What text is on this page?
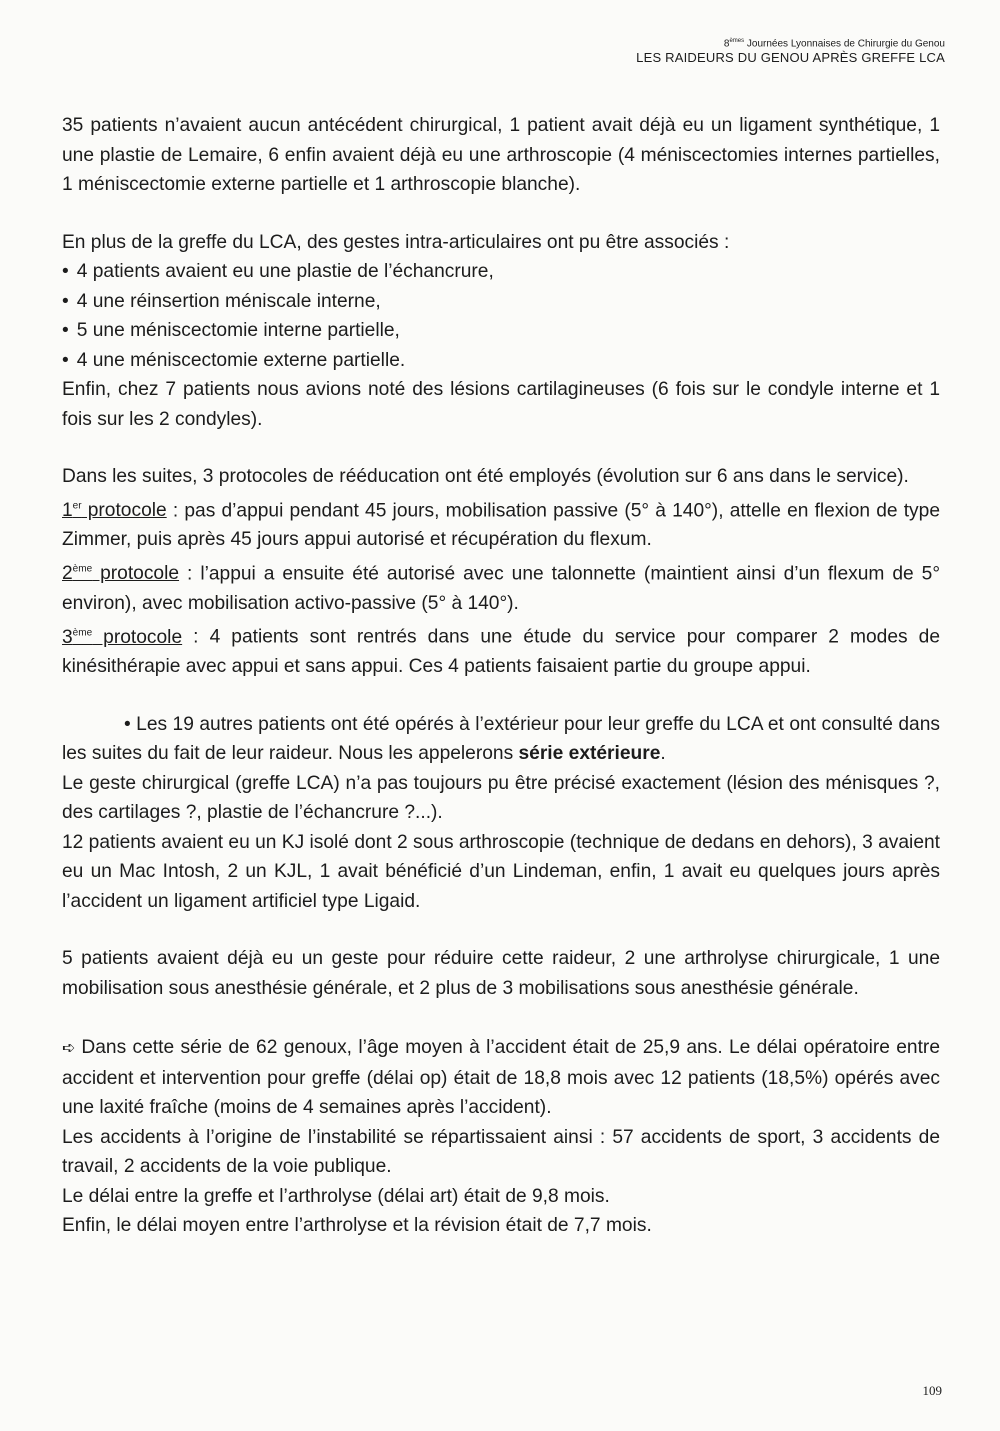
8èmes Journées Lyonnaises de Chirurgie du Genou
LES RAIDEURS DU GENOU APRÈS GREFFE LCA

35 patients n’avaient aucun antécédent chirurgical, 1 patient avait déjà eu un ligament synthétique, 1 une plastie de Lemaire, 6 enfin avaient déjà eu une arthroscopie (4 méniscectomies internes partielles, 1 méniscectomie externe partielle et 1 arthroscopie blanche).

En plus de la greffe du LCA, des gestes intra-articulaires ont pu être associés :

• 4 patients avaient eu une plastie de l’échancrure,
• 4 une réinsertion méniscale interne,
• 5 une méniscectomie interne partielle,
• 4 une méniscectomie externe partielle.

Enfin, chez 7 patients nous avions noté des lésions cartilagineuses (6 fois sur le condyle interne et 1 fois sur les 2 condyles).

Dans les suites, 3 protocoles de rééducation ont été employés (évolution sur 6 ans dans le service).

1er protocole : pas d’appui pendant 45 jours, mobilisation passive (5° à 140°), attelle en flexion de type Zimmer, puis après 45 jours appui autorisé et récupération du flexum.

2ème protocole : l’appui a ensuite été autorisé avec une talonnette (maintient ainsi d’un flexum de 5° environ), avec mobilisation activo-passive (5° à 140°).

3ème protocole : 4 patients sont rentrés dans une étude du service pour comparer 2 modes de kinésithérapie avec appui et sans appui. Ces 4 patients faisaient partie du groupe appui.

• Les 19 autres patients ont été opérés à l’extérieur pour leur greffe du LCA et ont consulté dans les suites du fait de leur raideur. Nous les appelerons série extérieure.

Le geste chirurgical (greffe LCA) n’a pas toujours pu être précisé exactement (lésion des ménisques ?, des cartilages ?, plastie de l’échancrure ?...).

12 patients avaient eu un KJ isolé dont 2 sous arthroscopie (technique de dedans en dehors), 3 avaient eu un Mac Intosh, 2 un KJL, 1 avait bénéficié d’un Lindeman, enfin, 1 avait eu quelques jours après l’accident un ligament artificiel type Ligaid.

5 patients avaient déjà eu un geste pour réduire cette raideur, 2 une arthrolyse chirurgicale, 1 une mobilisation sous anesthésie générale, et 2 plus de 3 mobilisations sous anesthésie générale.

➪ Dans cette série de 62 genoux, l’âge moyen à l’accident était de 25,9 ans. Le délai opératoire entre accident et intervention pour greffe (délai op) était de 18,8 mois avec 12 patients (18,5%) opérés avec une laxité fraîche (moins de 4 semaines après l’accident).

Les accidents à l’origine de l’instabilité se répartissaient ainsi : 57 accidents de sport, 3 accidents de travail, 2 accidents de la voie publique.

Le délai entre la greffe et l’arthrolyse (délai art) était de 9,8 mois.

Enfin, le délai moyen entre l’arthrolyse et la révision était de 7,7 mois.

109
